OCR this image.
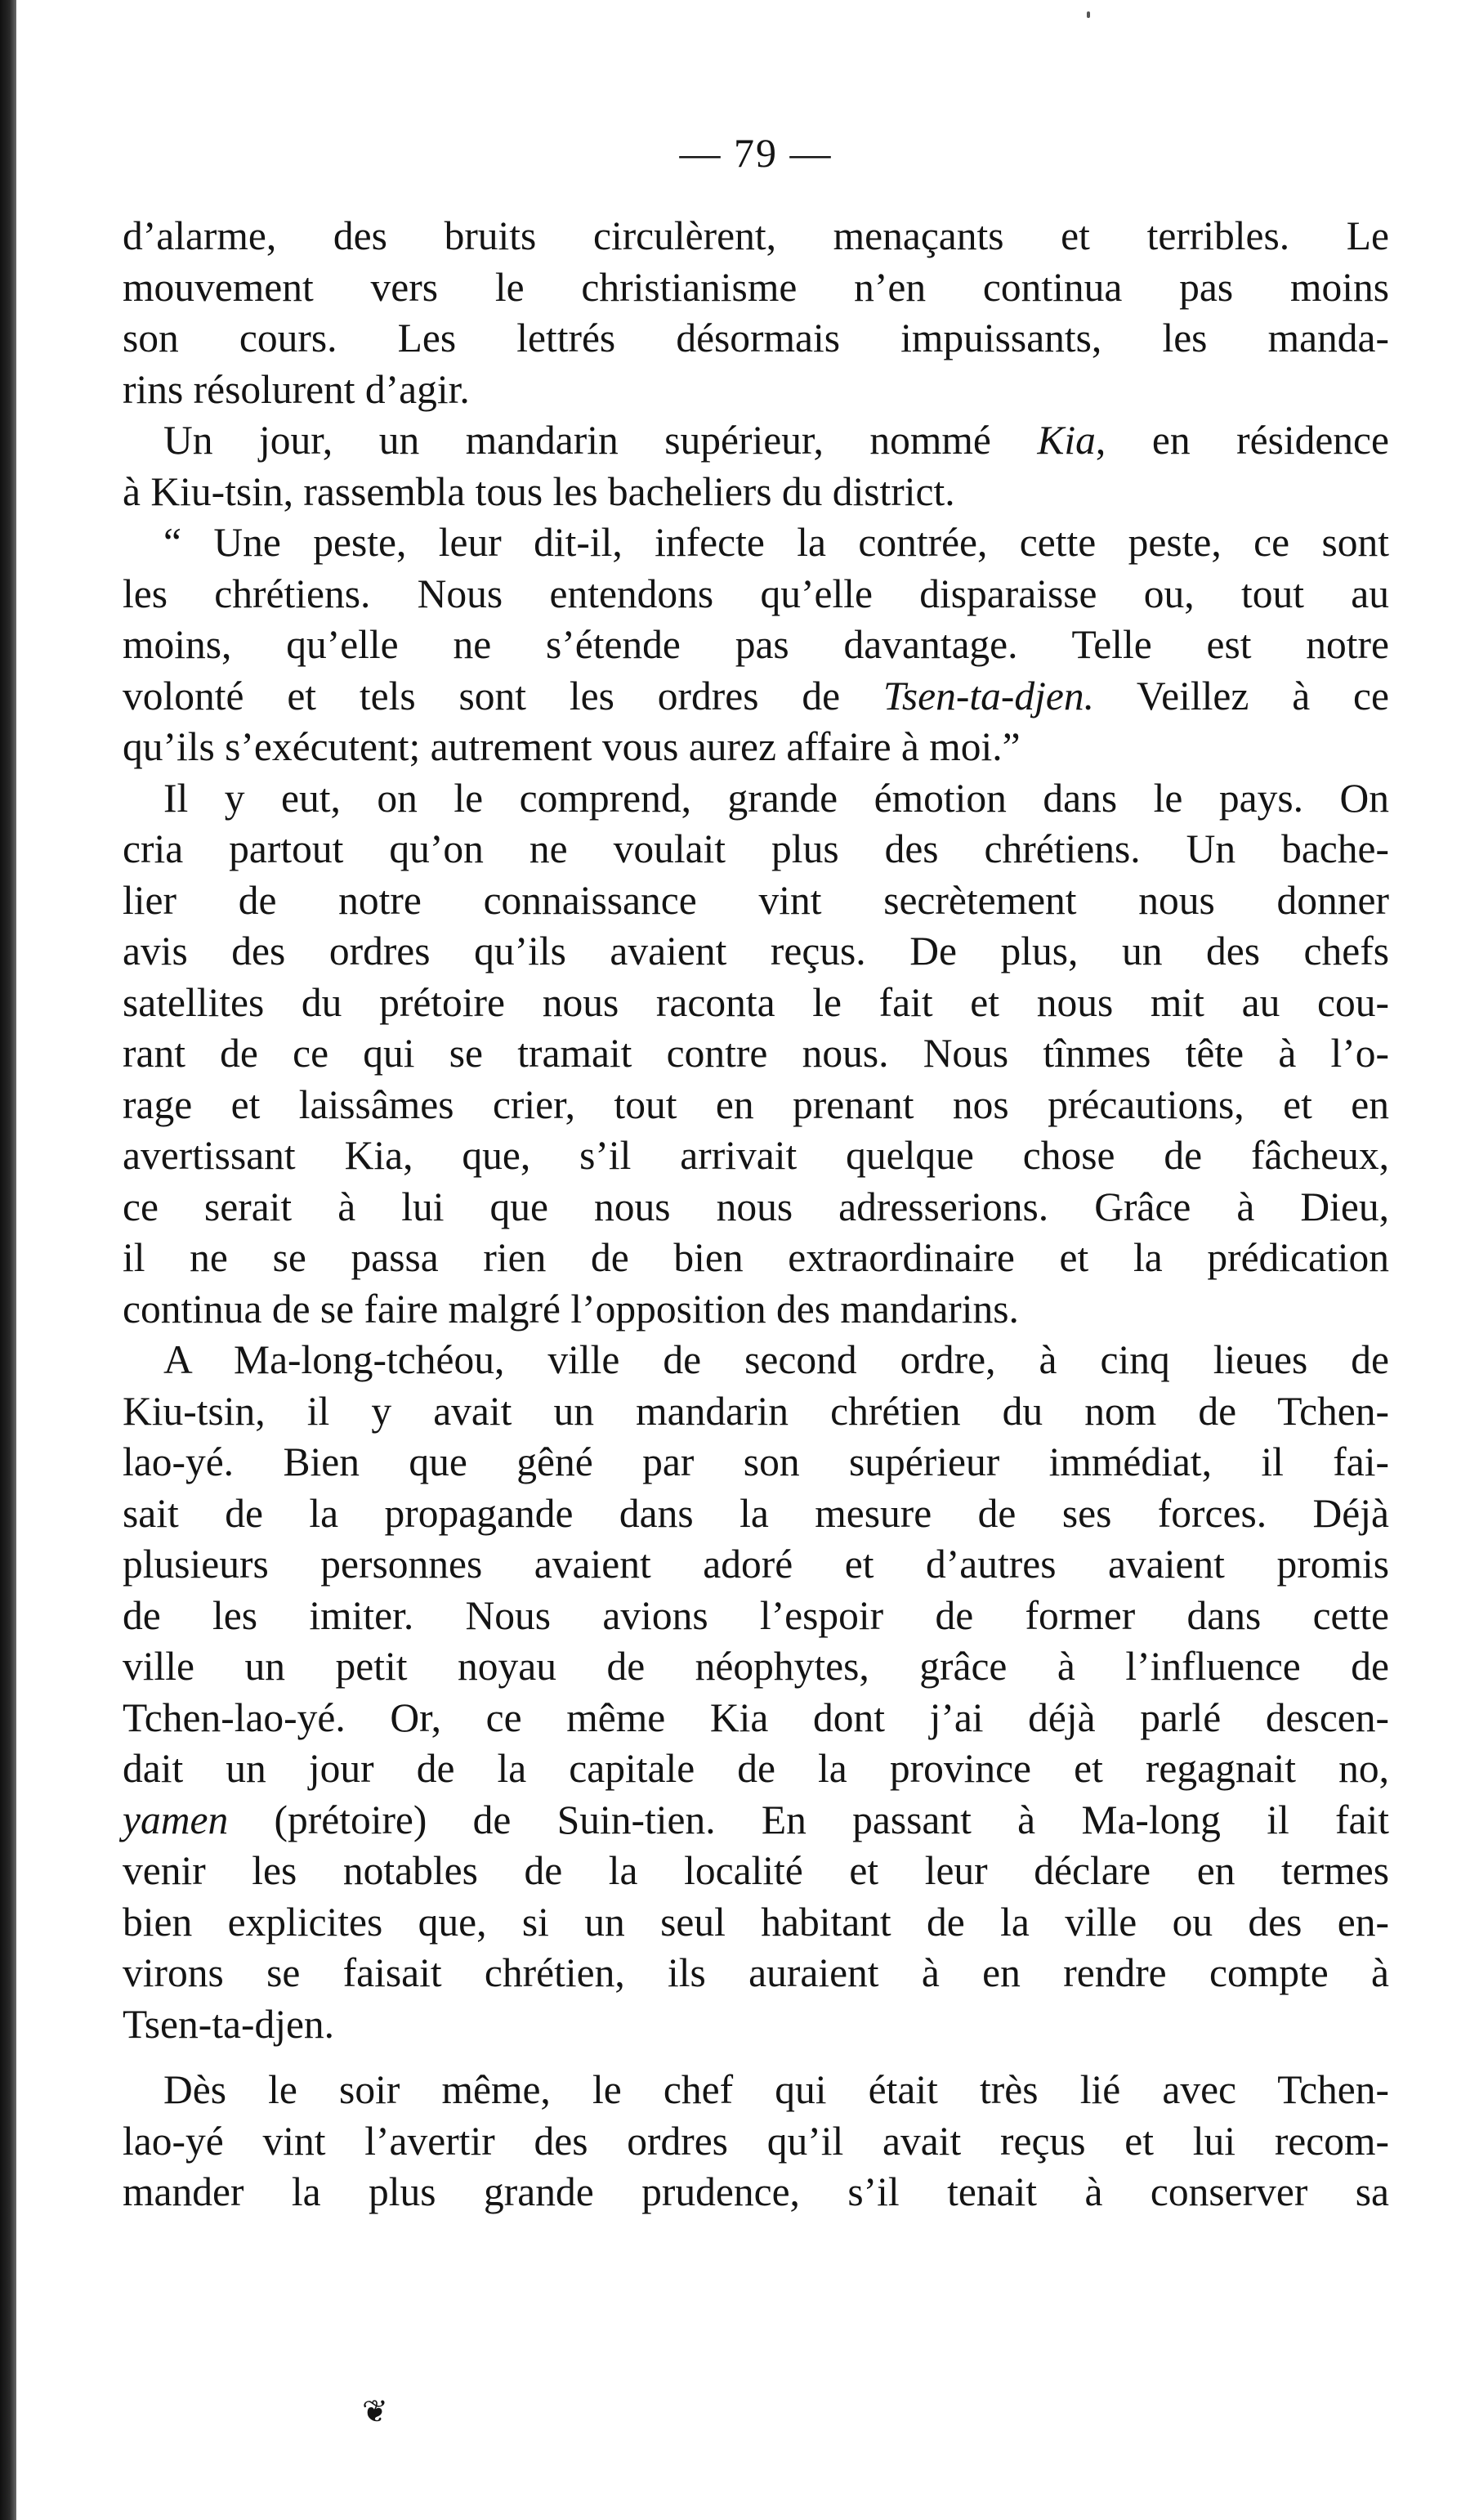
— 79 —

d’alarme, des bruits circulèrent, menaçants et terribles. Le

mouvement vers le christianisme n’en continua pas moins

son cours. Les lettrés désormais impuissants, les manda-

rins résolurent d’agir.

Un jour, un mandarin supérieur, nommé Kia, en résidence

à Kiu-tsin, rassembla tous les bacheliers du district.

“ Une peste, leur dit-il, infecte la contrée, cette peste, ce sont

les chrétiens. Nous entendons qu’elle disparaisse ou, tout au

moins, qu’elle ne s’étende pas davantage. Telle est notre

volonté et tels sont les ordres de Tsen-ta-djen. Veillez à ce

qu’ils s’exécutent; autrement vous aurez affaire à moi.”

Il y eut, on le comprend, grande émotion dans le pays. On

cria partout qu’on ne voulait plus des chrétiens. Un bache-

lier de notre connaissance vint secrètement nous donner

avis des ordres qu’ils avaient reçus. De plus, un des chefs

satellites du prétoire nous raconta le fait et nous mit au cou-

rant de ce qui se tramait contre nous. Nous tînmes tête à l’o-

rage et laissâmes crier, tout en prenant nos précautions, et en

avertissant Kia, que, s’il arrivait quelque chose de fâcheux,

ce serait à lui que nous nous adresserions. Grâce à Dieu,

il ne se passa rien de bien extraordinaire et la prédication

continua de se faire malgré l’opposition des mandarins.

A Ma-long-tchéou, ville de second ordre, à cinq lieues de

Kiu-tsin, il y avait un mandarin chrétien du nom de Tchen-

lao-yé. Bien que gêné par son supérieur immédiat, il fai-

sait de la propagande dans la mesure de ses forces. Déjà

plusieurs personnes avaient adoré et d’autres avaient promis

de les imiter. Nous avions l’espoir de former dans cette

ville un petit noyau de néophytes, grâce à l’influence de

Tchen-lao-yé. Or, ce même Kia dont j’ai déjà parlé descen-

dait un jour de la capitale de la province et regagnait no,

yamen (prétoire) de Suin-tien. En passant à Ma-long il fait

venir les notables de la localité et leur déclare en termes

bien explicites que, si un seul habitant de la ville ou des en-

virons se faisait chrétien, ils auraient à en rendre compte à

Tsen-ta-djen.

Dès le soir même, le chef qui était très lié avec Tchen-

lao-yé vint l’avertir des ordres qu’il avait reçus et lui recom-

mander la plus grande prudence, s’il tenait à conserver sa

❦
